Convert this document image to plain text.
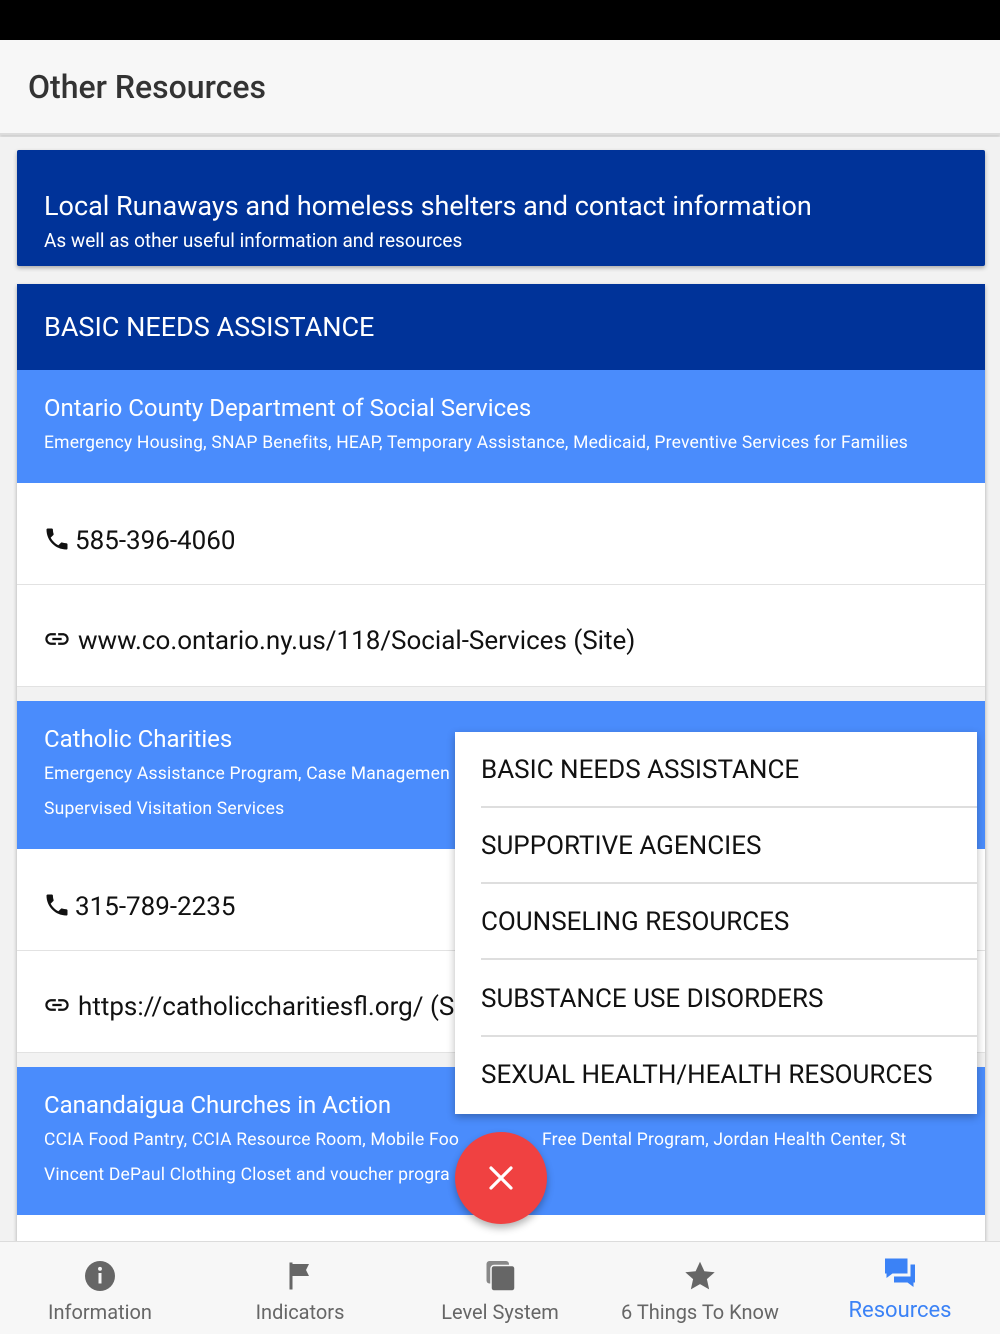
Other Resources
Local Runaways and homeless shelters and contact information
As well as other useful information and resources
BASIC NEEDS ASSISTANCE
Ontario County Department of Social Services
Emergency Housing, SNAP Benefits, HEAP, Temporary Assistance, Medicaid, Preventive Services for Families
585-396-4060
www.co.ontario.ny.us/118/Social-Services (Site)
Catholic Charities
Emergency Assistance Program, Case Managemen
Supervised Visitation Services
315-789-2235
https://catholiccharitiesfl.org/ (S
Canandaigua Churches in Action
CCIA Food Pantry, CCIA Resource Room, Mobile Foo	Free Dental Program, Jordan Health Center, St
Vincent DePaul Clothing Closet and voucher progra
BASIC NEEDS ASSISTANCE
SUPPORTIVE AGENCIES
COUNSELING RESOURCES
SUBSTANCE USE DISORDERS
SEXUAL HEALTH/HEALTH RESOURCES
Information	Indicators	Level System	6 Things To Know	Resources
